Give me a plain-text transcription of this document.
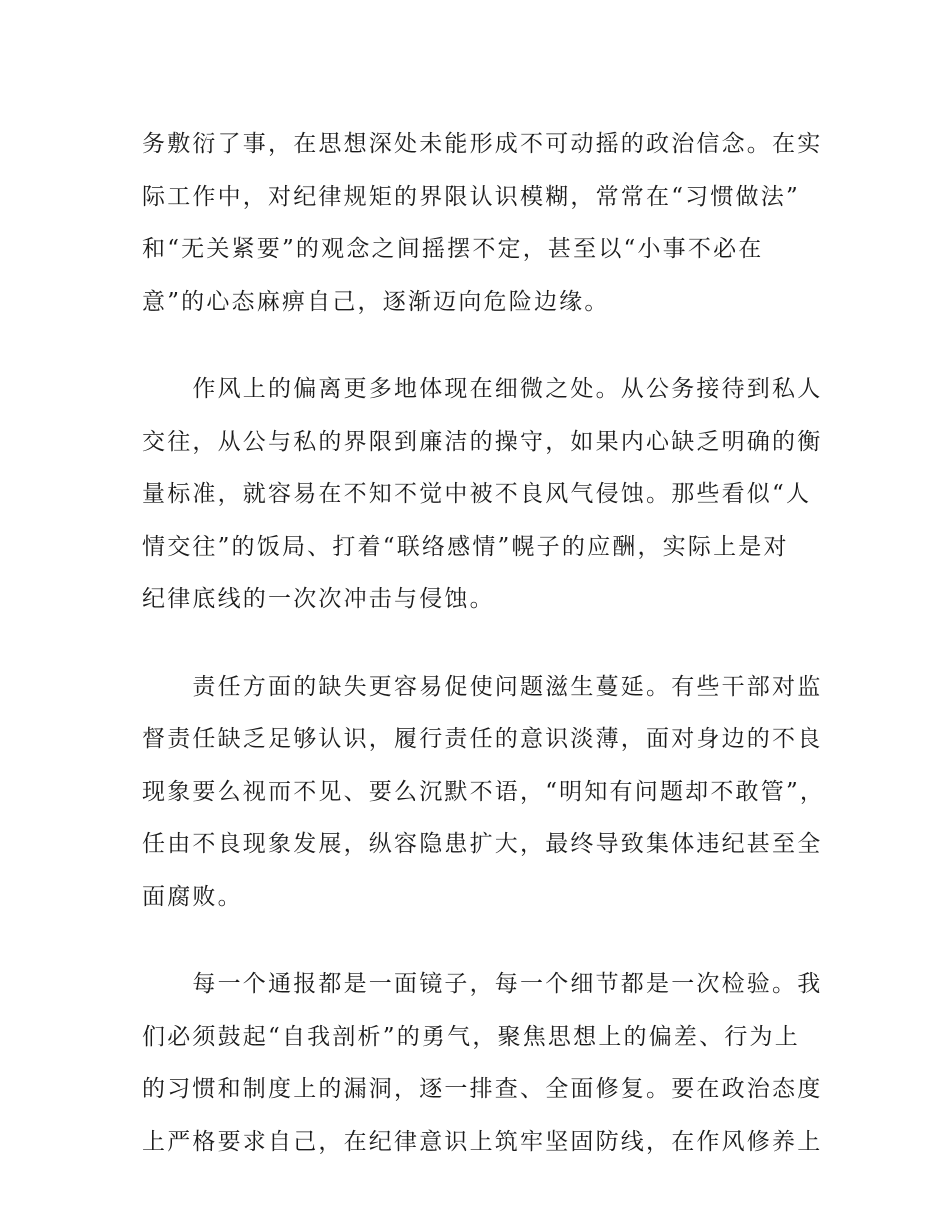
务敷衍了事，在思想深处未能形成不可动摇的政治信念。在实
际工作中，对纪律规矩的界限认识模糊，常常在“习惯做法”
和“无关紧要”的观念之间摇摆不定，甚至以“小事不必在
意”的心态麻痹自己，逐渐迈向危险边缘。
　　作风上的偏离更多地体现在细微之处。从公务接待到私人
交往，从公与私的界限到廉洁的操守，如果内心缺乏明确的衡
量标准，就容易在不知不觉中被不良风气侵蚀。那些看似“人
情交往”的饭局、打着“联络感情”幌子的应酬，实际上是对
纪律底线的一次次冲击与侵蚀。
　　责任方面的缺失更容易促使问题滋生蔓延。有些干部对监
督责任缺乏足够认识，履行责任的意识淡薄，面对身边的不良
现象要么视而不见、要么沉默不语，“明知有问题却不敢管”，
任由不良现象发展，纵容隐患扩大，最终导致集体违纪甚至全
面腐败。
　　每一个通报都是一面镜子，每一个细节都是一次检验。我
们必须鼓起“自我剖析”的勇气，聚焦思想上的偏差、行为上
的习惯和制度上的漏洞，逐一排查、全面修复。要在政治态度
上严格要求自己，在纪律意识上筑牢坚固防线，在作风修养上
